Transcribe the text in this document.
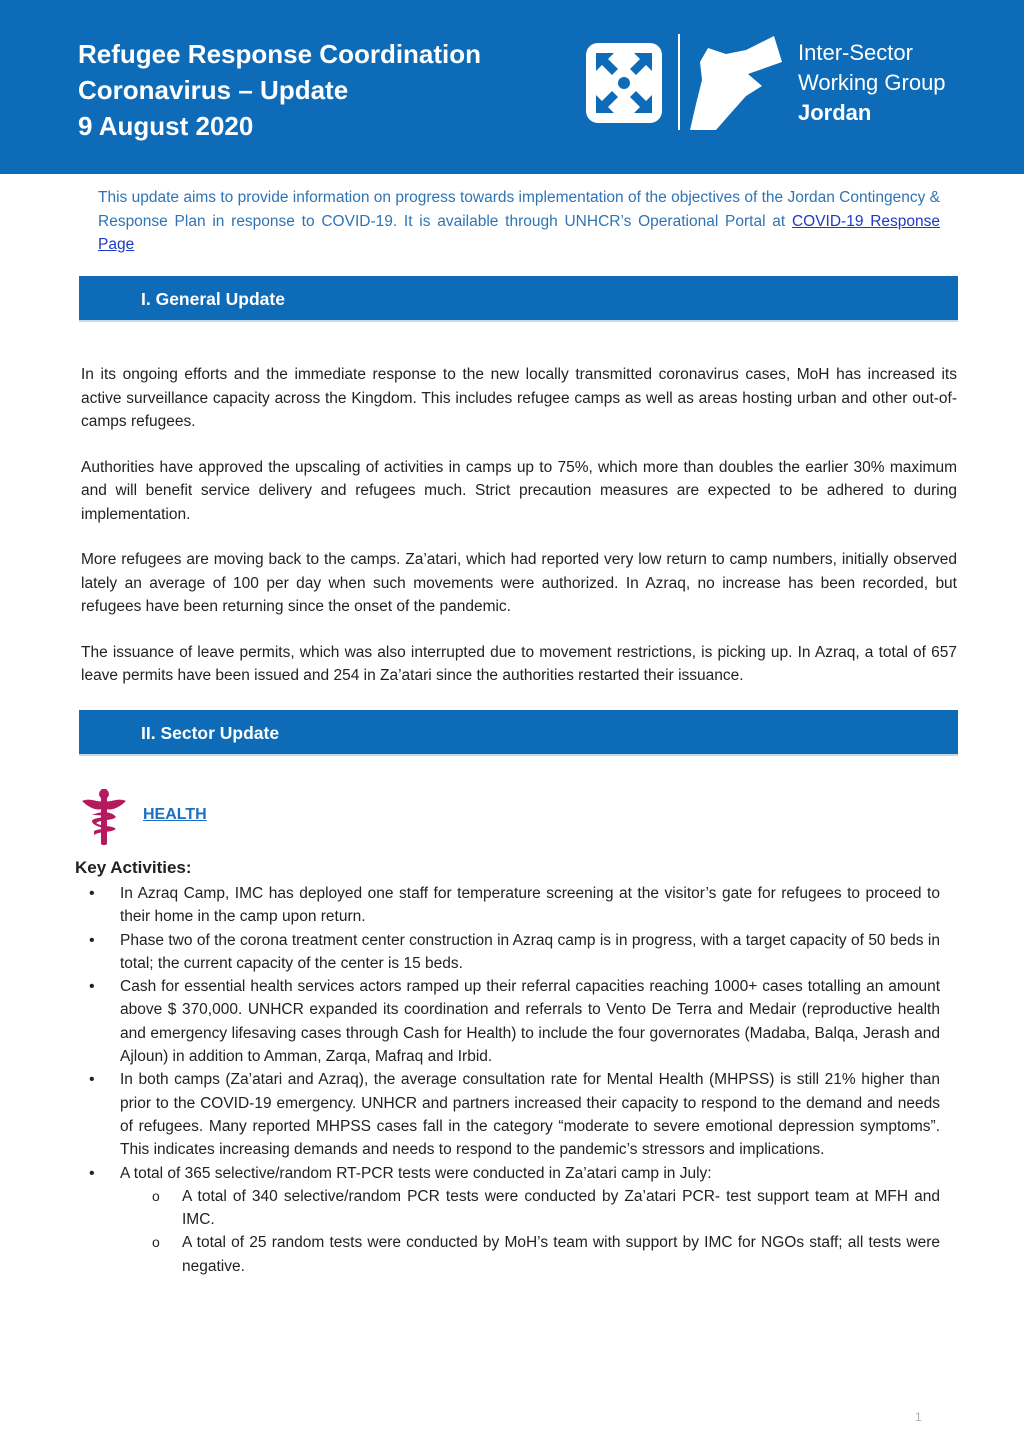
Refugee Response Coordination
Coronavirus – Update
9 August 2020
Inter-Sector
Working Group
Jordan
This update aims to provide information on progress towards implementation of the objectives of the Jordan Contingency & Response Plan in response to COVID-19. It is available through UNHCR’s Operational Portal at COVID-19 Response Page
I. General Update

In its ongoing efforts and the immediate response to the new locally transmitted coronavirus cases, MoH has increased its active surveillance capacity across the Kingdom. This includes refugee camps as well as areas hosting urban and other out-of-camps refugees.

Authorities have approved the upscaling of activities in camps up to 75%, which more than doubles the earlier 30% maximum and will benefit service delivery and refugees much. Strict precaution measures are expected to be adhered to during implementation.

More refugees are moving back to the camps. Za’atari, which had reported very low return to camp numbers, initially observed lately an average of 100 per day when such movements were authorized. In Azraq, no increase has been recorded, but refugees have been returning since the onset of the pandemic.

The issuance of leave permits, which was also interrupted due to movement restrictions, is picking up. In Azraq, a total of 657 leave permits have been issued and 254 in Za’atari since the authorities restarted their issuance.

II. Sector Update
HEALTH
Key Activities:
• In Azraq Camp, IMC has deployed one staff for temperature screening at the visitor’s gate for refugees to proceed to their home in the camp upon return.
• Phase two of the corona treatment center construction in Azraq camp is in progress, with a target capacity of 50 beds in total; the current capacity of the center is 15 beds.
• Cash for essential health services actors ramped up their referral capacities reaching 1000+ cases totalling an amount above $ 370,000. UNHCR expanded its coordination and referrals to Vento De Terra and Medair (reproductive health and emergency lifesaving cases through Cash for Health) to include the four governorates (Madaba, Balqa, Jerash and Ajloun) in addition to Amman, Zarqa, Mafraq and Irbid.
• In both camps (Za’atari and Azraq), the average consultation rate for Mental Health (MHPSS) is still 21% higher than prior to the COVID-19 emergency. UNHCR and partners increased their capacity to respond to the demand and needs of refugees. Many reported MHPSS cases fall in the category “moderate to severe emotional depression symptoms”. This indicates increasing demands and needs to respond to the pandemic’s stressors and implications.
• A total of 365 selective/random RT-PCR tests were conducted in Za’atari camp in July:
o A total of 340 selective/random PCR tests were conducted by Za’atari PCR- test support team at MFH and IMC.
o A total of 25 random tests were conducted by MoH’s team with support by IMC for NGOs staff; all tests were negative.
1
